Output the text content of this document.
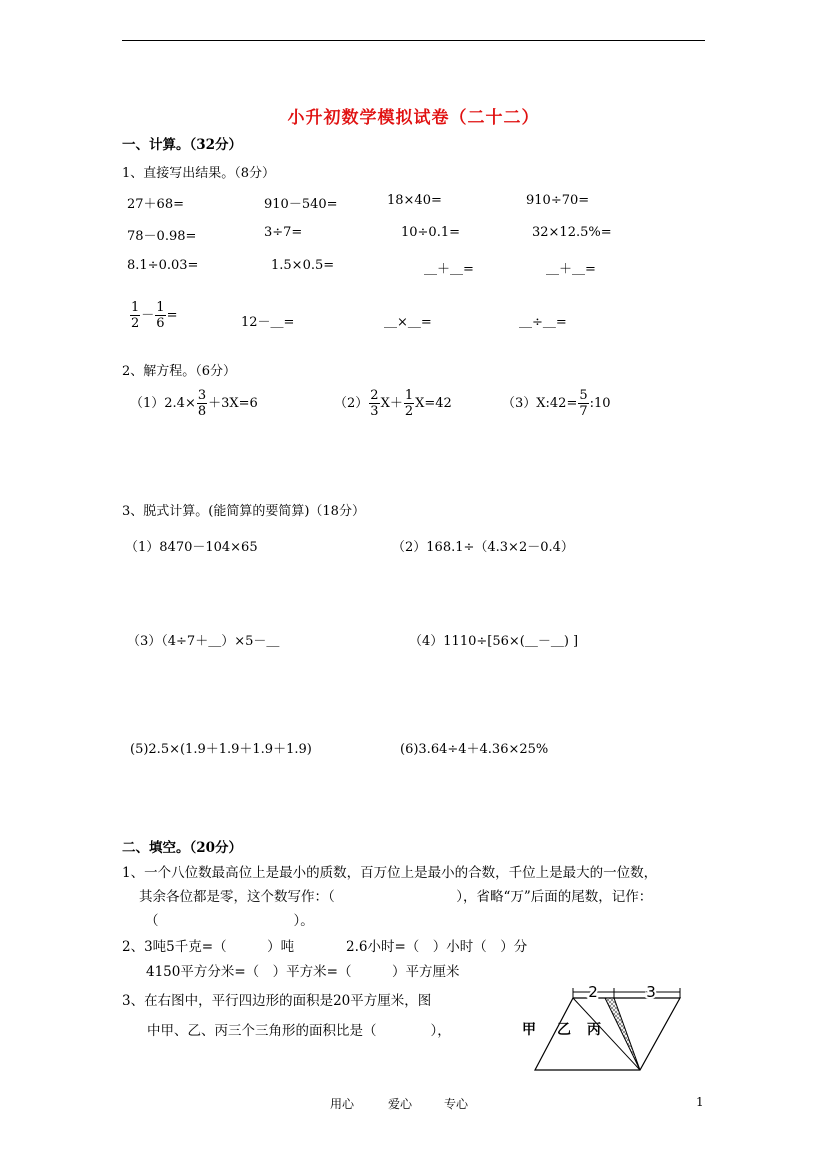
小升初数学模拟试卷（二十二）
一、计算。（32分）
1、直接写出结果。（8分）
27＋68=	910－540=	18×40=	910÷70=
78－0.98=	3÷7=	10÷0.1=	32×12.5%=
8.1÷0.03=	1.5×0.5=	＿＋＿=	＿＋＿=
$\frac{1}{2} - \frac{1}{6}$ =	12－＿=	＿×＿=	＿÷＿=
2、解方程。（6分）
$(1)2.4\times \frac{3}{8} +3X=6$	$(2) \frac{2}{3} X+ \frac{1}{2} X=42$	（3）X:42= $\frac{5}{7}$ :10
3、脱式计算。(能简算的要简算)（18分）
（1）8470－104×65	（2）168.1÷（4.3×2－0.4）
（3）（4÷7＋＿）×5－＿	（4）1110÷[56×(＿－＿) ]
(5)2.5×(1.9＋1.9＋1.9＋1.9)	(6)3.64÷4＋4.36×25%
二、填空。（20分）
1、一个八位数最高位上是最小的质数，百万位上是最小的合数，千位上是最大的一位数，
其余各位都是零，这个数写作：（　　　　　　　　　），省略“万”后面的尾数，记作：
（　　　　　　　　　　）。
2、3吨5千克=（　　　）吨	2.6小时=（　）小时（　）分
4150平方分米=（　）平方米=（　　　）平方厘米
3、在右图中，平行四边形的面积是20平方厘米，图
中甲、乙、丙三个三角形的面积比是（　　　　），
2	3
甲 乙 丙
用心	爱心	专心	1
